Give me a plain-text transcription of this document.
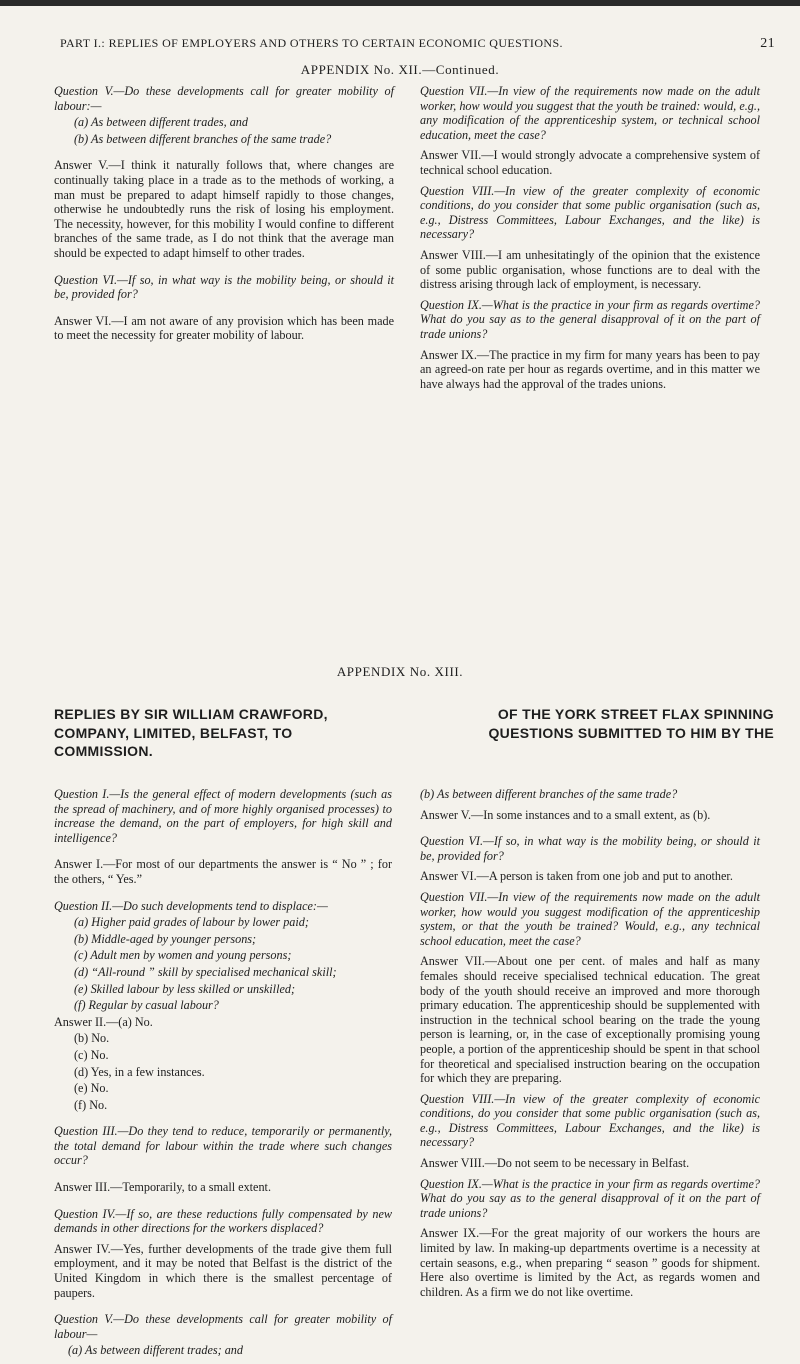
PART I.: REPLIES OF EMPLOYERS AND OTHERS TO CERTAIN ECONOMIC QUESTIONS.	21
APPENDIX No. XII.—Continued.

Question V.—Do these developments call for greater mobility of labour:—

(a) As between different trades, and

(b) As between different branches of the same trade?

Answer V.—I think it naturally follows that, where changes are continually taking place in a trade as to the methods of working, a man must be prepared to adapt himself rapidly to those changes, otherwise he undoubtedly runs the risk of losing his employment. The necessity, however, for this mobility I would confine to different branches of the same trade, as I do not think that the average man should be expected to adapt himself to other trades.

Question VI.—If so, in what way is the mobility being, or should it be, provided for?

Answer VI.—I am not aware of any provision which has been made to meet the necessity for greater mobility of labour.

Question VII.—In view of the requirements now made on the adult worker, how would you suggest that the youth be trained: would, e.g., any modification of the apprenticeship system, or technical school education, meet the case?

Answer VII.—I would strongly advocate a comprehensive system of technical school education.

Question VIII.—In view of the greater complexity of economic conditions, do you consider that some public organisation (such as, e.g., Distress Committees, Labour Exchanges, and the like) is necessary?

Answer VIII.—I am unhesitatingly of the opinion that the existence of some public organisation, whose functions are to deal with the distress arising through lack of employment, is necessary.

Question IX.—What is the practice in your firm as regards overtime? What do you say as to the general disapproval of it on the part of trade unions?

Answer IX.—The practice in my firm for many years has been to pay an agreed-on rate per hour as regards overtime, and in this matter we have always had the approval of the trades unions.

APPENDIX No. XIII.
REPLIES BY SIR WILLIAM CRAWFORD,	OF THE YORK STREET FLAX SPINNING
COMPANY, LIMITED, BELFAST, TO	QUESTIONS SUBMITTED TO HIM BY THE
COMMISSION.

Question I.—Is the general effect of modern developments (such as the spread of machinery, and of more highly organised processes) to increase the demand, on the part of employers, for high skill and intelligence?

Answer I.—For most of our departments the answer is “ No ” ; for the others, “ Yes.”

Question II.—Do such developments tend to displace:—

(a) Higher paid grades of labour by lower paid;

(b) Middle-aged by younger persons;

(c) Adult men by women and young persons;

(d) “All-round ” skill by specialised mechanical skill;

(e) Skilled labour by less skilled or unskilled;

(f) Regular by casual labour?

Answer II.—(a) No.

(b) No.

(c) No.

(d) Yes, in a few instances.

(e) No.

(f) No.

Question III.—Do they tend to reduce, temporarily or permanently, the total demand for labour within the trade where such changes occur?

Answer III.—Temporarily, to a small extent.

Question IV.—If so, are these reductions fully compensated by new demands in other directions for the workers displaced?

Answer IV.—Yes, further developments of the trade give them full employment, and it may be noted that Belfast is the district of the United Kingdom in which there is the smallest percentage of paupers.

Question V.—Do these developments call for greater mobility of labour—

(a) As between different trades; and

(b) As between different branches of the same trade?

Answer V.—In some instances and to a small extent, as (b).

Question VI.—If so, in what way is the mobility being, or should it be, provided for?

Answer VI.—A person is taken from one job and put to another.

Question VII.—In view of the requirements now made on the adult worker, how would you suggest modification of the apprenticeship system, or that the youth be trained? Would, e.g., any technical school education, meet the case?

Answer VII.—About one per cent. of males and half as many females should receive specialised technical education. The great body of the youth should receive an improved and more thorough primary education. The apprenticeship should be supplemented with instruction in the technical school bearing on the trade the young person is learning, or, in the case of exceptionally promising young people, a portion of the apprenticeship should be spent in that school for theoretical and specialised instruction bearing on the occupation for which they are preparing.

Question VIII.—In view of the greater complexity of economic conditions, do you consider that some public organisation (such as, e.g., Distress Committees, Labour Exchanges, and the like) is necessary?

Answer VIII.—Do not seem to be necessary in Belfast.

Question IX.—What is the practice in your firm as regards overtime? What do you say as to the general disapproval of it on the part of trade unions?

Answer IX.—For the great majority of our workers the hours are limited by law. In making-up departments overtime is a necessity at certain seasons, e.g., when preparing “ season ” goods for shipment. Here also overtime is limited by the Act, as regards women and children. As a firm we do not like overtime.
